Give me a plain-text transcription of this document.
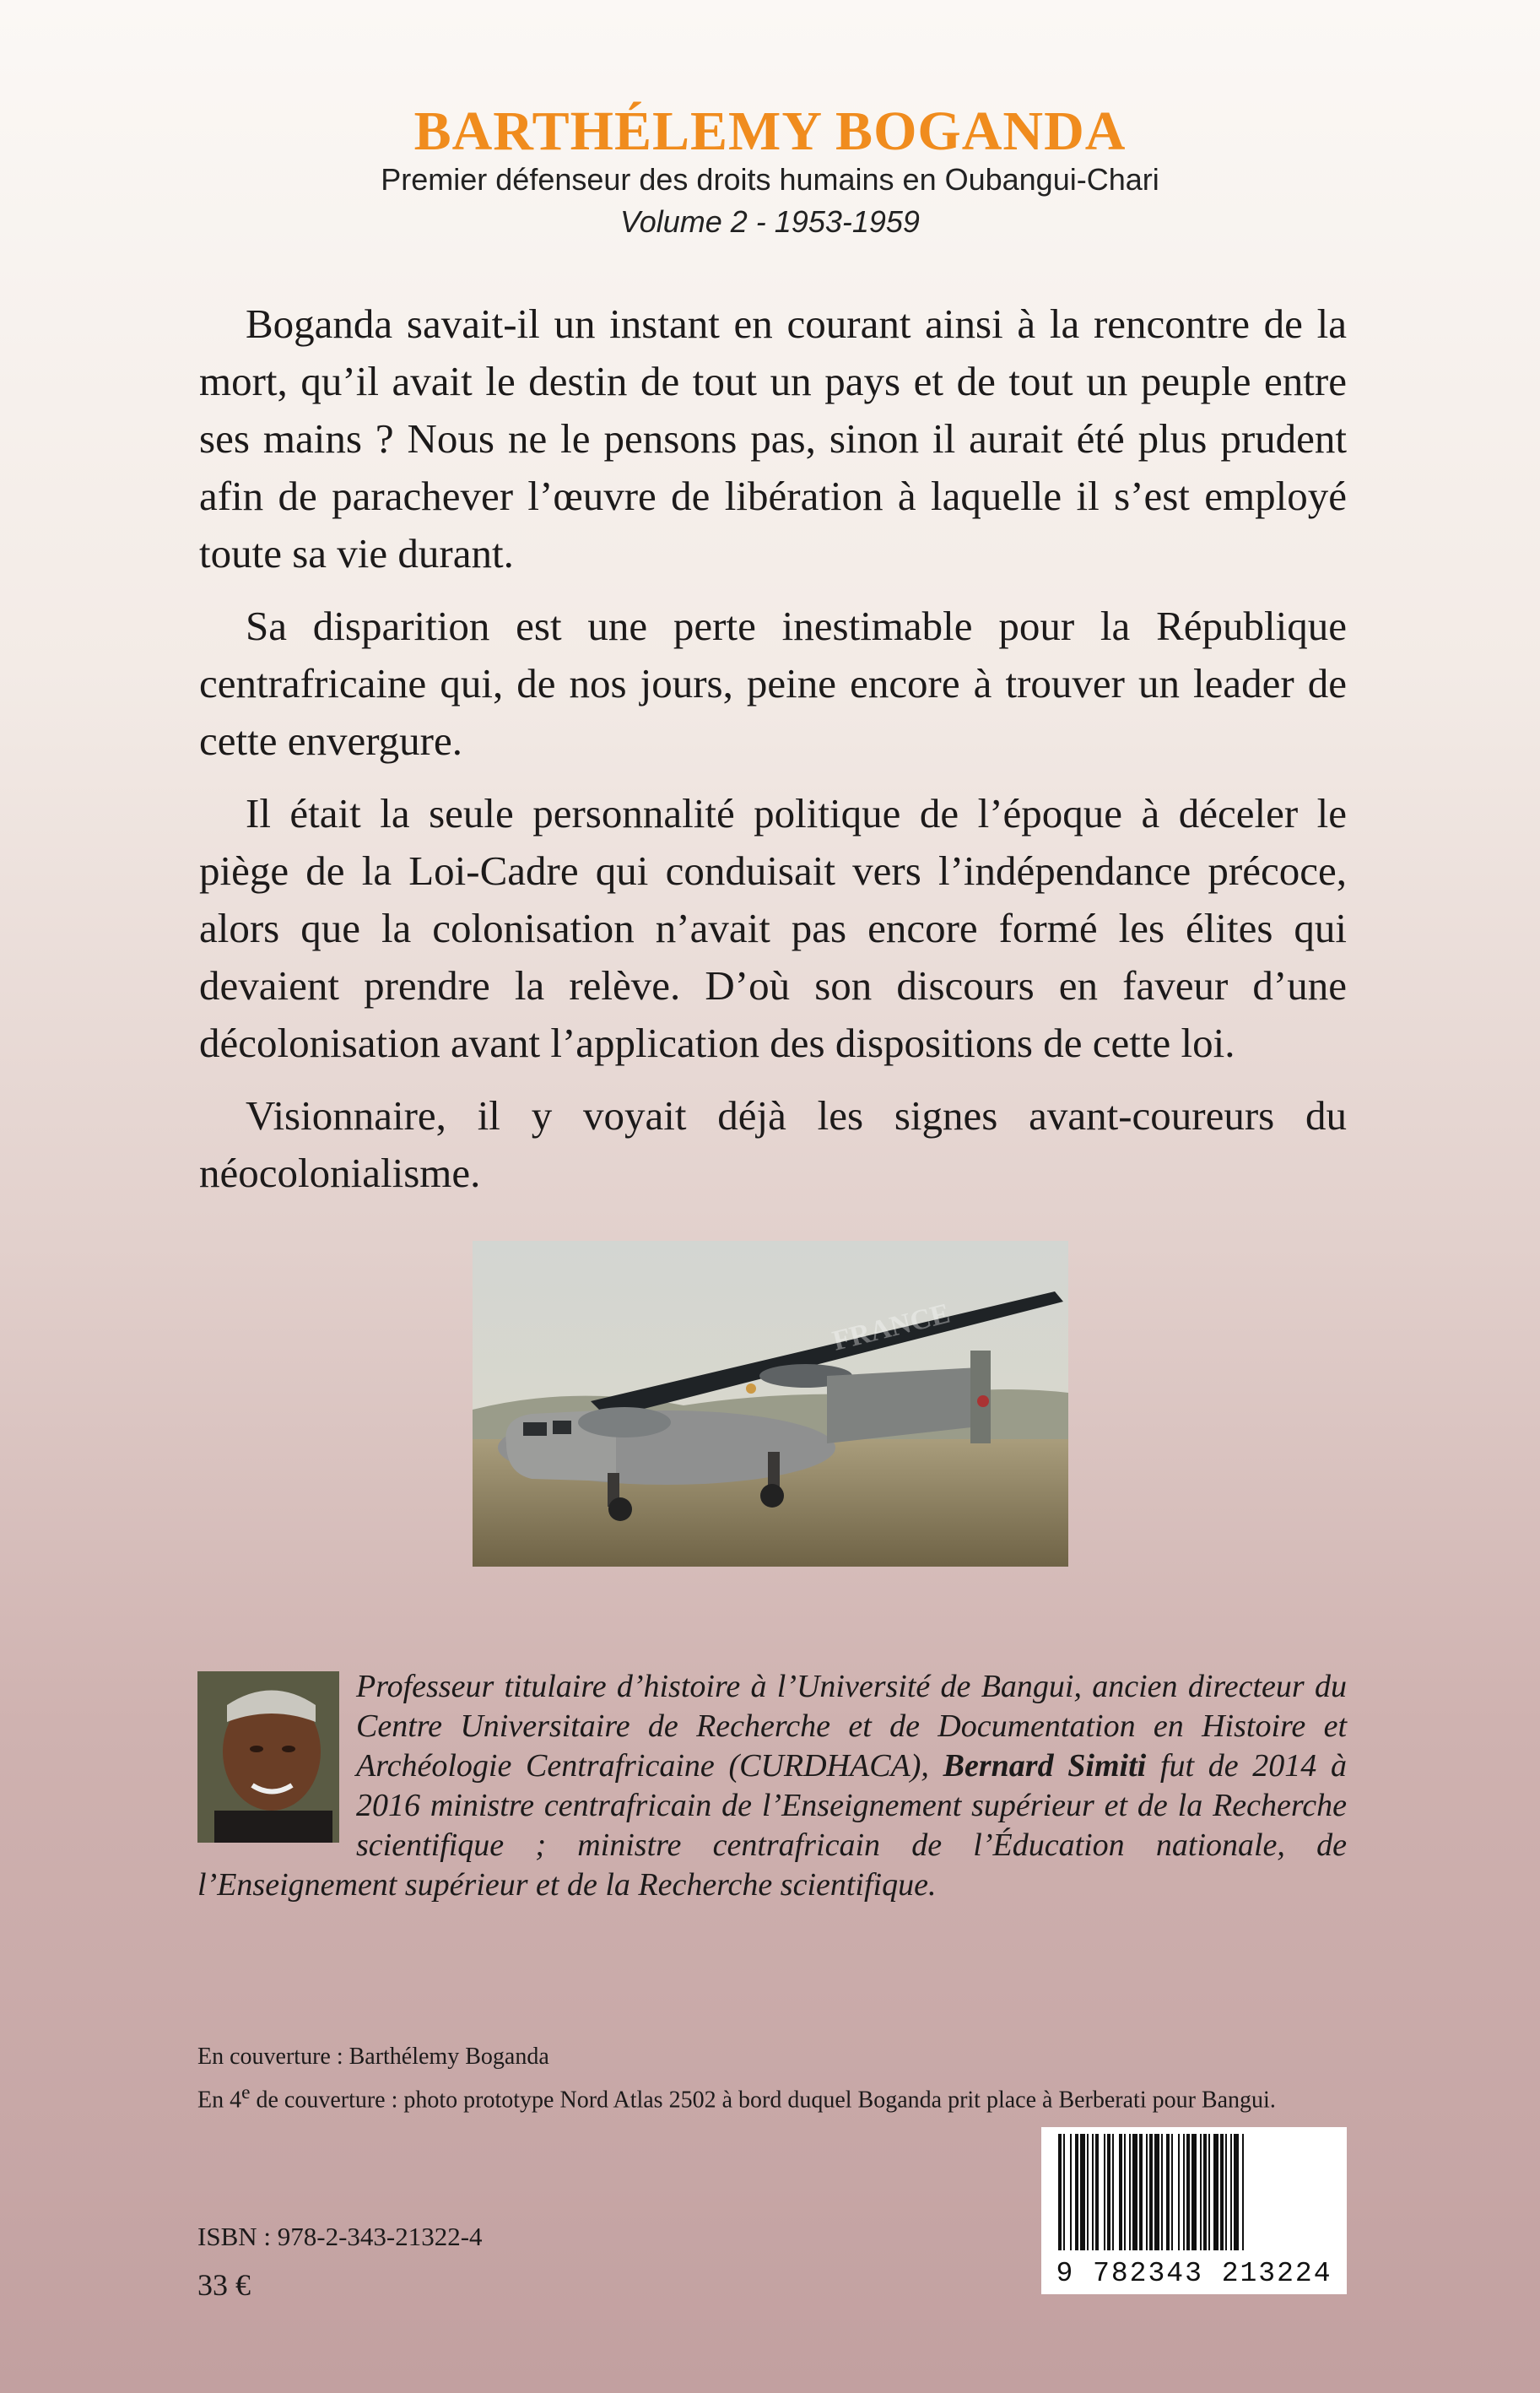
BARTHÉLEMY BOGANDA
Premier défenseur des droits humains en Oubangui-Chari
Volume 2 - 1953-1959

Boganda savait-il un instant en courant ainsi à la rencontre de la mort, qu’il avait le destin de tout un pays et de tout un peuple entre ses mains ? Nous ne le pensons pas, sinon il aurait été plus prudent afin de parachever l’œuvre de libération à laquelle il s’est employé toute sa vie durant.

Sa disparition est une perte inestimable pour la République centrafricaine qui, de nos jours, peine encore à trouver un leader de cette envergure.

Il était la seule personnalité politique de l’époque à déceler le piège de la Loi-Cadre qui conduisait vers l’indépendance précoce, alors que la colonisation n’avait pas encore formé les élites qui devaient prendre la relève. D’où son discours en faveur d’une décolonisation avant l’application des dispositions de cette loi.

Visionnaire, il y voyait déjà les signes avant-coureurs du néocolonialisme.

FRANCE
Professeur titulaire d’histoire à l’Université de Bangui, ancien directeur du Centre Universitaire de Recherche et de Documentation en Histoire et Archéologie Centrafricaine (CURDHACA), Bernard Simiti fut de 2014 à 2016 ministre centrafricain de l’Enseignement supérieur et de la Recherche scientifique ; ministre centrafricain de l’Éducation nationale, de l’Enseignement supérieur et de la Recherche scientifique.

En couverture : Barthélemy Boganda

En 4e de couverture : photo prototype Nord Atlas 2502 à bord duquel Boganda prit place à Berberati pour Bangui.

ISBN : 978-2-343-21322-4
33 €	9 782343 213224
